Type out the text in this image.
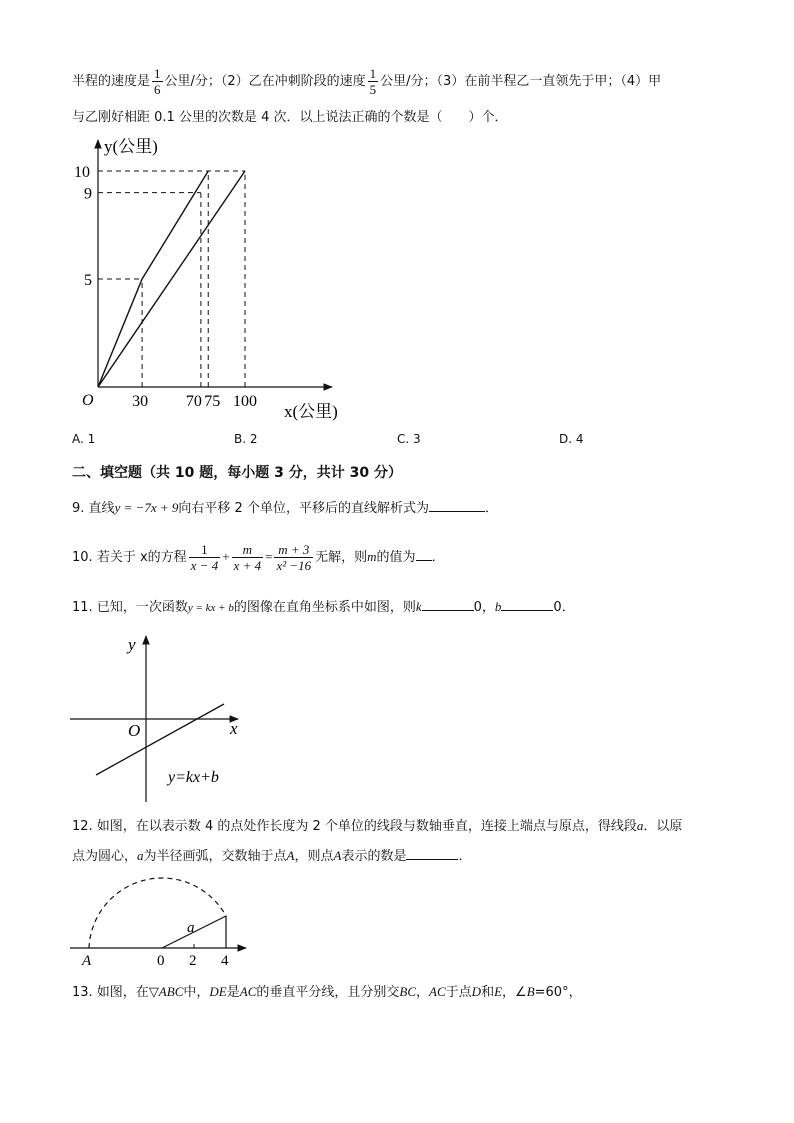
半程的速度是 $\frac{1}{6}$ 公里/分；（2）乙在冲刺阶段的速度 $\frac{1}{5}$ 公里/分；（3）在前半程乙一直领先于甲；（4）甲
与乙刚好相距 0.1 公里的次数是 4 次．以上说法正确的个数是（　　）个．
30 70 75 100
5
9
10
O
y(公里)
x(公里)
A. 1	B. 2	C. 3	D. 4
二、填空题（共 10 题，每小题 3 分，共计 30 分）
9. 直线y = −7x + 9向右平移 2 个单位，平移后的直线解析式为	．
10. 若关于 x的方程 $\frac{1}{x - 4} + \frac{m}{x + 4} = \frac{m + 3}{\text{x² −16}}$ 无解，则m的值为 ．
11. 已知，一次函数y = kx + b的图像在直角坐标系中如图，则k	0，b	0．
y
x
O
y=kx+b
12. 如图，在以表示数 4 的点处作长度为 2 个单位的线段与数轴垂直，连接上端点与原点，得线段a．以原
点为圆心，a为半径画弧，交数轴于点A，则点A表示的数是	．
a
A	0 2 4
13. 如图，在▽ABC中，DE是AC的垂直平分线，且分别交BC，AC于点D和E，∠B=60°，
